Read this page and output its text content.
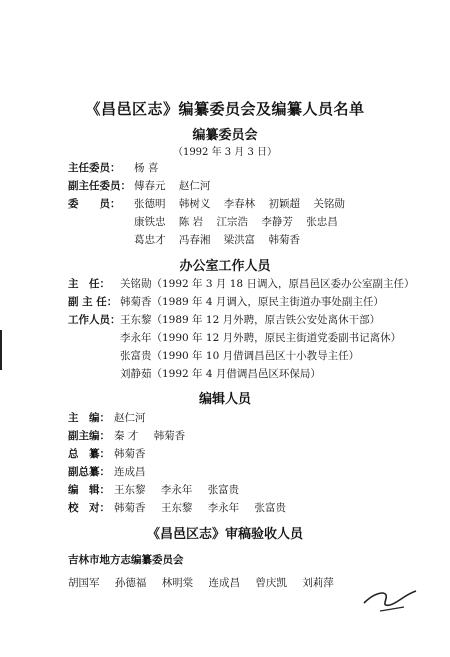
《昌邑区志》编纂委员会及编纂人员名单
编纂委员会
（1992 年 3 月 3 日）
主任委员： 杨 喜
副主任委员： 傅春元 赵仁河
委　　员： 张德明 韩树义 李春林 初颖超 关铭勋
康铁忠 陈 岩 江宗浩 李静芳 张忠昌
葛忠才 冯春湘 梁洪富 韩菊香
办公室工作人员
主　任： 关铭勋（1992 年 3 月 18 日调入，原昌邑区委办公室副主任）
副 主 任： 韩菊香（1989 年 4 月调入，原民主街道办事处副主任）
工作人员： 王东黎（1989 年 12 月外聘，原吉铁公安处离休干部）
李永年（1990 年 12 月外聘，原民主街道党委副书记离休）
张富贵（1990 年 10 月借调昌邑区十小教导主任）
刘静茹（1992 年 4 月借调昌邑区环保局）
编辑人员
主　编： 赵仁河
副主编： 秦 才 韩菊香
总　纂： 韩菊香
副总纂： 连成昌
编　辑： 王东黎 李永年 张富贵
校　对： 韩菊香 王东黎 李永年 张富贵
《昌邑区志》审稿验收人员
吉林市地方志编纂委员会
胡国军 孙德福 林明棠 连成昌 曾庆凯 刘莉萍
